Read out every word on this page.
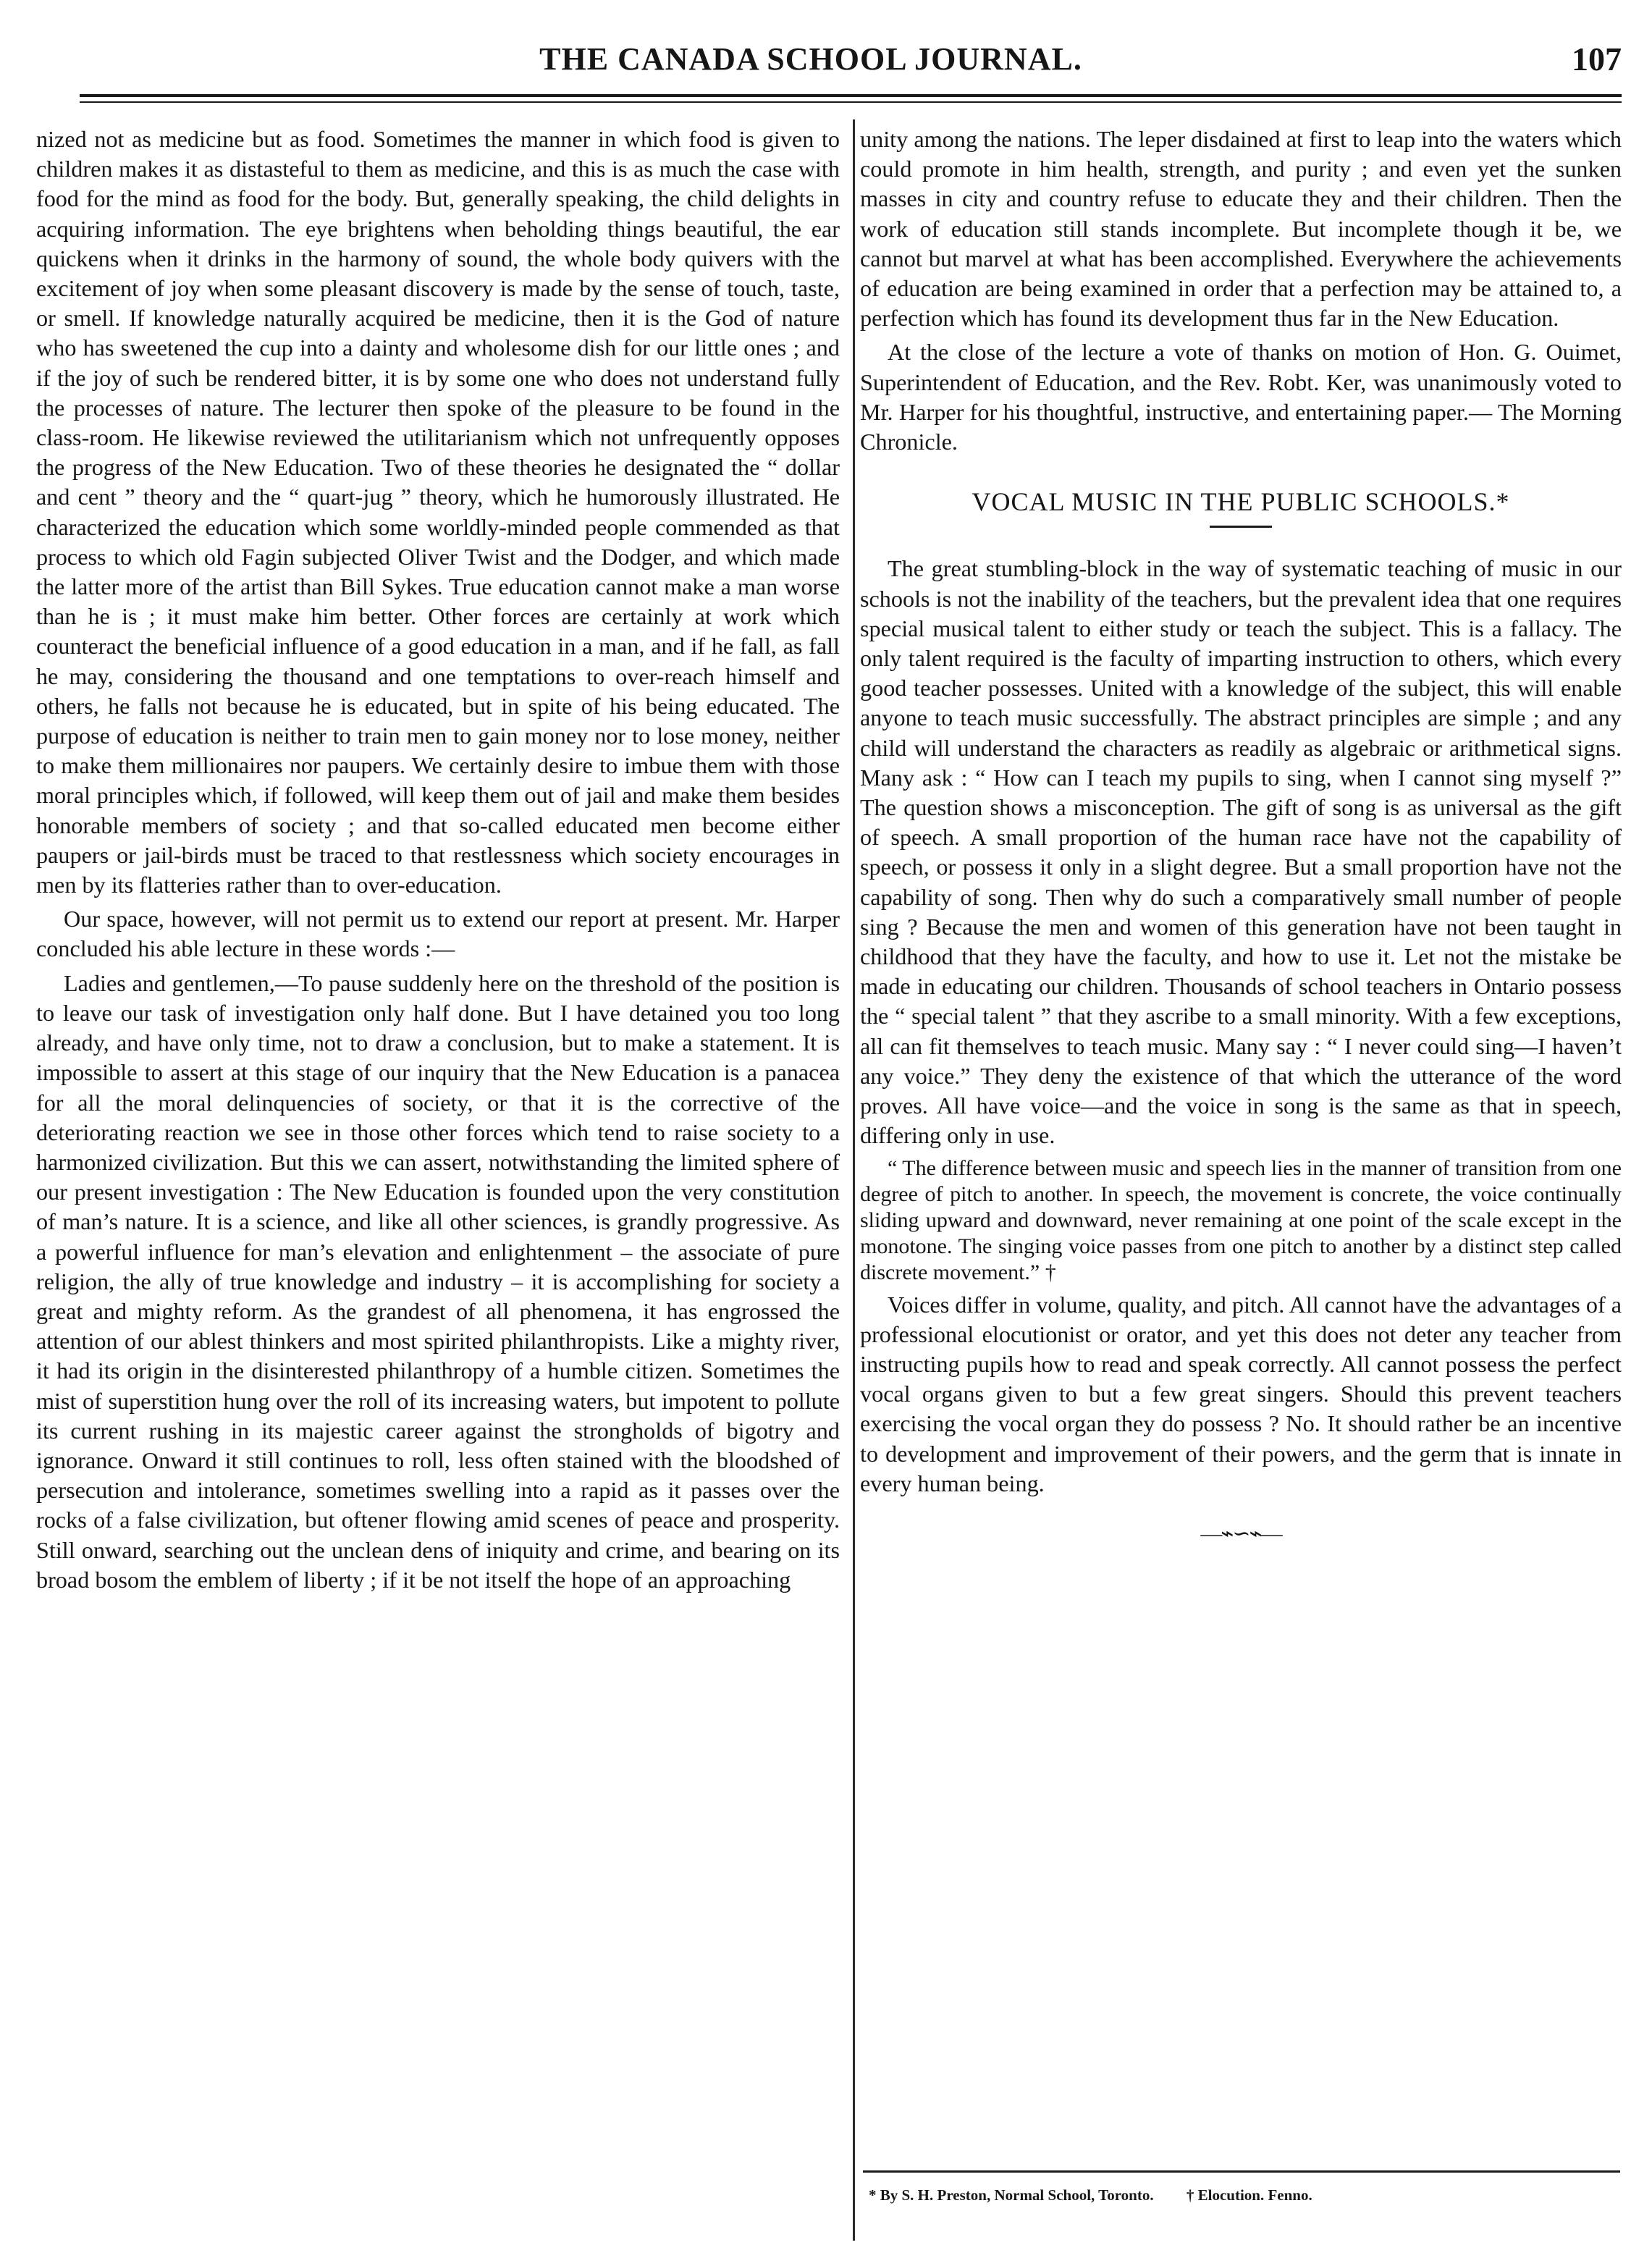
THE CANADA SCHOOL JOURNAL.	107

nized not as medicine but as food. Sometimes the manner in which food is given to children makes it as distasteful to them as medicine, and this is as much the case with food for the mind as food for the body. But, generally speaking, the child delights in acquiring information. The eye brightens when beholding things beautiful, the ear quickens when it drinks in the harmony of sound, the whole body quivers with the excitement of joy when some pleasant discovery is made by the sense of touch, taste, or smell. If knowledge naturally acquired be medicine, then it is the God of nature who has sweetened the cup into a dainty and wholesome dish for our little ones ; and if the joy of such be rendered bitter, it is by some one who does not understand fully the processes of nature. The lecturer then spoke of the pleasure to be found in the class-room. He likewise reviewed the utilitarianism which not unfrequently opposes the progress of the New Education. Two of these theories he designated the “ dollar and cent ” theory and the “ quart-jug ” theory, which he humorously illustrated. He characterized the education which some worldly-minded people commended as that process to which old Fagin subjected Oliver Twist and the Dodger, and which made the latter more of the artist than Bill Sykes. True education cannot make a man worse than he is ; it must make him better. Other forces are certainly at work which counteract the beneficial influence of a good education in a man, and if he fall, as fall he may, considering the thousand and one temptations to over-reach himself and others, he falls not because he is educated, but in spite of his being educated. The purpose of education is neither to train men to gain money nor to lose money, neither to make them millionaires nor paupers. We certainly desire to imbue them with those moral principles which, if followed, will keep them out of jail and make them besides honorable members of society ; and that so-called educated men become either paupers or jail-birds must be traced to that restlessness which society encourages in men by its flatteries rather than to over-education.

Our space, however, will not permit us to extend our report at present. Mr. Harper concluded his able lecture in these words :—

Ladies and gentlemen,—To pause suddenly here on the threshold of the position is to leave our task of investigation only half done. But I have detained you too long already, and have only time, not to draw a conclusion, but to make a statement. It is impossible to assert at this stage of our inquiry that the New Education is a panacea for all the moral delinquencies of society, or that it is the corrective of the deteriorating reaction we see in those other forces which tend to raise society to a harmonized civilization. But this we can assert, notwithstanding the limited sphere of our present investigation : The New Education is founded upon the very constitution of man’s nature. It is a science, and like all other sciences, is grandly progressive. As a powerful influence for man’s elevation and enlightenment – the associate of pure religion, the ally of true knowledge and industry – it is accomplishing for society a great and mighty reform. As the grandest of all phenomena, it has engrossed the attention of our ablest thinkers and most spirited philanthropists. Like a mighty river, it had its origin in the disinterested philanthropy of a humble citizen. Sometimes the mist of superstition hung over the roll of its increasing waters, but impotent to pollute its current rushing in its majestic career against the strongholds of bigotry and ignorance. Onward it still continues to roll, less often stained with the bloodshed of persecution and intolerance, sometimes swelling into a rapid as it passes over the rocks of a false civilization, but oftener flowing amid scenes of peace and prosperity. Still onward, searching out the unclean dens of iniquity and crime, and bearing on its broad bosom the emblem of liberty ; if it be not itself the hope of an approaching

unity among the nations. The leper disdained at first to leap into the waters which could promote in him health, strength, and purity ; and even yet the sunken masses in city and country refuse to educate they and their children. Then the work of education still stands incomplete. But incomplete though it be, we cannot but marvel at what has been accomplished. Everywhere the achievements of education are being examined in order that a perfection may be attained to, a perfection which has found its development thus far in the New Education.

At the close of the lecture a vote of thanks on motion of Hon. G. Ouimet, Superintendent of Education, and the Rev. Robt. Ker, was unanimously voted to Mr. Harper for his thoughtful, instructive, and entertaining paper.— The Morning Chronicle.

VOCAL MUSIC IN THE PUBLIC SCHOOLS.*

The great stumbling-block in the way of systematic teaching of music in our schools is not the inability of the teachers, but the prevalent idea that one requires special musical talent to either study or teach the subject. This is a fallacy. The only talent required is the faculty of imparting instruction to others, which every good teacher possesses. United with a knowledge of the subject, this will enable anyone to teach music successfully. The abstract principles are simple ; and any child will understand the characters as readily as algebraic or arithmetical signs. Many ask : “ How can I teach my pupils to sing, when I cannot sing myself ?” The question shows a misconception. The gift of song is as universal as the gift of speech. A small proportion of the human race have not the capability of speech, or possess it only in a slight degree. But a small proportion have not the capability of song. Then why do such a comparatively small number of people sing ? Because the men and women of this generation have not been taught in childhood that they have the faculty, and how to use it. Let not the mistake be made in educating our children. Thousands of school teachers in Ontario possess the “ special talent ” that they ascribe to a small minority. With a few exceptions, all can fit themselves to teach music. Many say : “ I never could sing—I haven’t any voice.” They deny the existence of that which the utterance of the word proves. All have voice—and the voice in song is the same as that in speech, differing only in use.

“ The difference between music and speech lies in the manner of transition from one degree of pitch to another. In speech, the movement is concrete, the voice continually sliding upward and downward, never remaining at one point of the scale except in the monotone. The singing voice passes from one pitch to another by a distinct step called discrete movement.” †

Voices differ in volume, quality, and pitch. All cannot have the advantages of a professional elocutionist or orator, and yet this does not deter any teacher from instructing pupils how to read and speak correctly. All cannot possess the perfect vocal organs given to but a few great singers. Should this prevent teachers exercising the vocal organ they do possess ? No. It should rather be an incentive to development and improvement of their powers, and the germ that is innate in every human being.

—⌁∽⌁—
* By S. H. Preston, Normal School, Toronto. † Elocution. Fenno.
